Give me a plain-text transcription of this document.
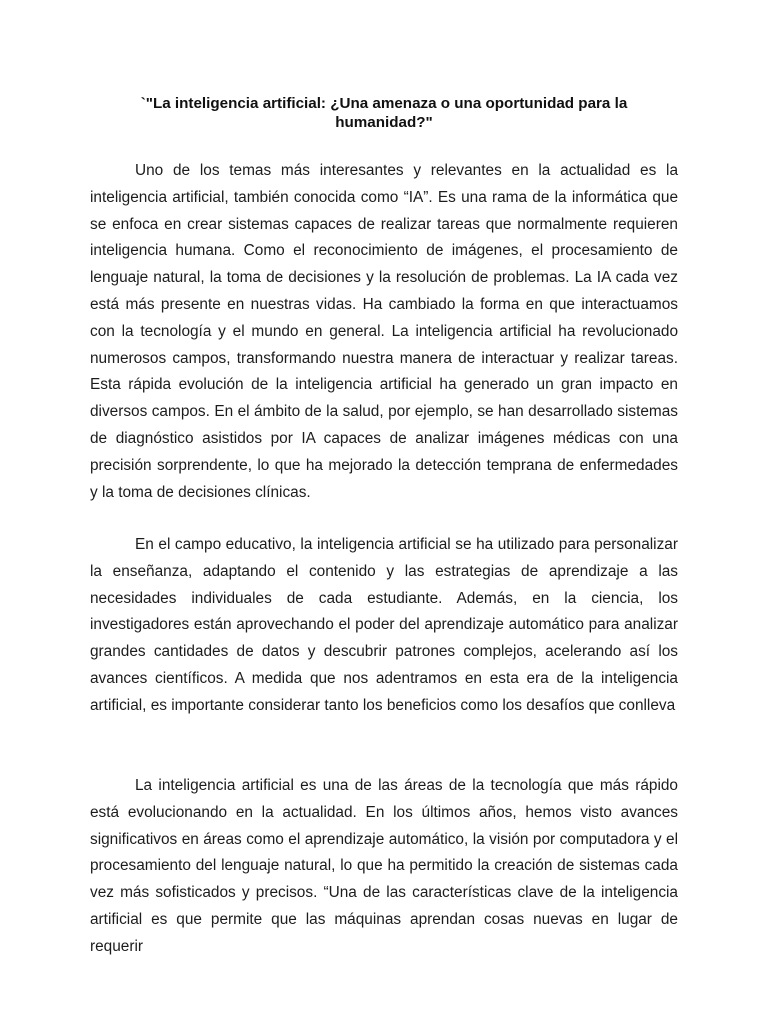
`"La inteligencia artificial: ¿Una amenaza o una oportunidad para la humanidad?"

Uno de los temas más interesantes y relevantes en la actualidad es la inteligencia artificial, también conocida como “IA”. Es una rama de la informática que se enfoca en crear sistemas capaces de realizar tareas que normalmente requieren inteligencia humana. Como el reconocimiento de imágenes, el procesamiento de lenguaje natural, la toma de decisiones y la resolución de problemas. La IA cada vez está más presente en nuestras vidas. Ha cambiado la forma en que interactuamos con la tecnología y el mundo en general. La inteligencia artificial ha revolucionado numerosos campos, transformando nuestra manera de interactuar y realizar tareas. Esta rápida evolución de la inteligencia artificial ha generado un gran impacto en diversos campos. En el ámbito de la salud, por ejemplo, se han desarrollado sistemas de diagnóstico asistidos por IA capaces de analizar imágenes médicas con una precisión sorprendente, lo que ha mejorado la detección temprana de enfermedades y la toma de decisiones clínicas.

En el campo educativo, la inteligencia artificial se ha utilizado para personalizar la enseñanza, adaptando el contenido y las estrategias de aprendizaje a las necesidades individuales de cada estudiante. Además, en la ciencia, los investigadores están aprovechando el poder del aprendizaje automático para analizar grandes cantidades de datos y descubrir patrones complejos, acelerando así los avances científicos. A medida que nos adentramos en esta era de la inteligencia artificial, es importante considerar tanto los beneficios como los desafíos que conlleva

La inteligencia artificial es una de las áreas de la tecnología que más rápido está evolucionando en la actualidad. En los últimos años, hemos visto avances significativos en áreas como el aprendizaje automático, la visión por computadora y el procesamiento del lenguaje natural, lo que ha permitido la creación de sistemas cada vez más sofisticados y precisos. “Una de las características clave de la inteligencia artificial es que permite que las máquinas aprendan cosas nuevas en lugar de requerir
